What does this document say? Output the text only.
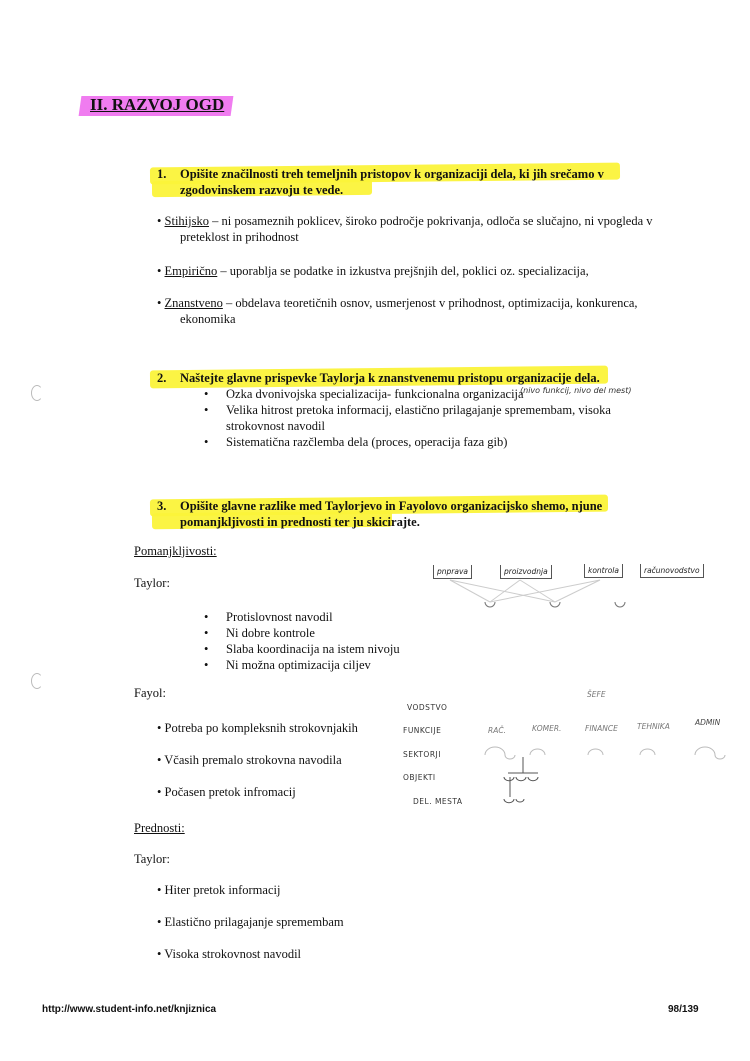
II. RAZVOJ OGD
1. Opišite značilnosti treh temeljnih pristopov k organizaciji dela, ki jih srečamo v
zgodovinskem razvoju te vede.
• Stihijsko – ni posameznih poklicev, široko področje pokrivanja, odloča se slučajno, ni vpogleda v
preteklost in prihodnost
• Empirično – uporablja se podatke in izkustva prejšnjih del, poklici oz. specializacija,
• Znanstveno – obdelava teoretičnih osnov, usmerjenost v prihodnost, optimizacija, konkurenca,
ekonomika
2. Naštejte glavne prispevke Taylorja k znanstvenemu pristopu organizacije dela.
• Ozka dvonivojska specializacija- funkcionalna organizacija
(nivo funkcij, nivo del mest)
• Velika hitrost pretoka informacij, elastično prilagajanje spremembam, visoka
strokovnost navodil
• Sistematična razčlemba dela (proces, operacija faza gib)
3. Opišite glavne razlike med Taylorjevo in Fayolovo organizacijsko shemo, njune
pomanjkljivosti in prednosti ter ju skicirajte.
Pomanjkljivosti:
Taylor:
•
•
•
•
Protislovnost navodil
Ni dobre kontrole
Slaba koordinacija na istem nivoju
Ni možna optimizacija ciljev
Fayol:
• Potreba po kompleksnih strokovnjakih
• Včasih premalo strokovna navodila
• Počasen pretok infromacij
Prednosti:
Taylor:
• Hiter pretok informacij
• Elastično prilagajanje spremembam
• Visoka strokovnost navodil
pnprava	proizvodnja	kontrola	računovodstvo
ŠEFE
VODSTVO
FUNKCIJE
SEKTORJI
OBJEKTI
DEL. MESTA
RAČ.	KOMER.	FINANCE	TEHNIKA	ADMIN
http://www.student-info.net/knjiznica	98/139
